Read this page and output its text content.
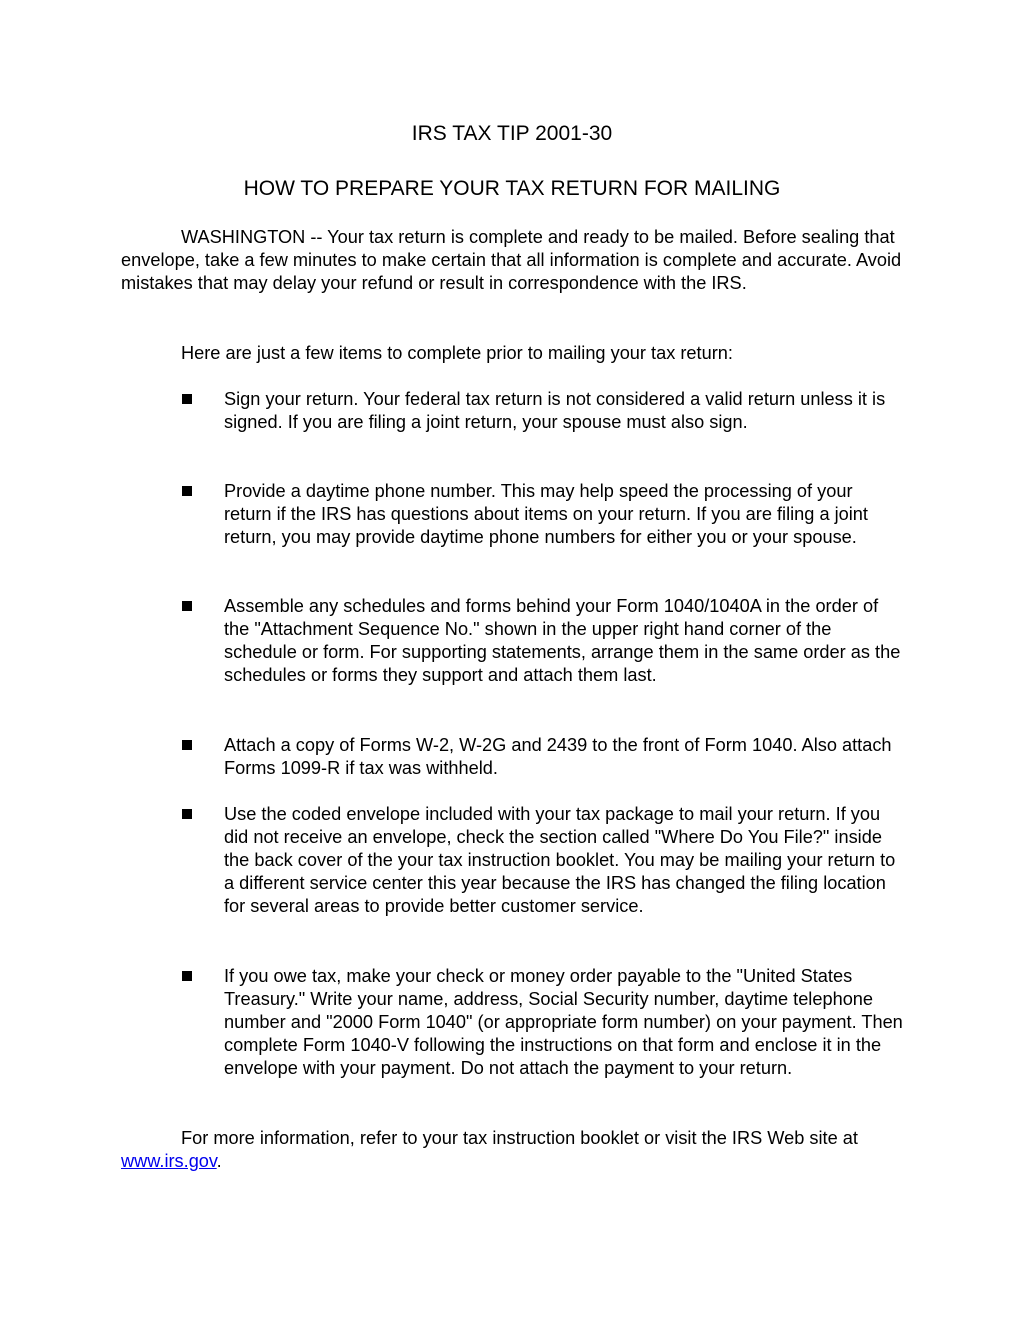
IRS TAX TIP 2001-30
HOW TO PREPARE YOUR TAX RETURN FOR MAILING

WASHINGTON -- Your tax return is complete and ready to be mailed. Before sealing that envelope, take a few minutes to make certain that all information is complete and accurate. Avoid mistakes that may delay your refund or result in correspondence with the IRS.

Here are just a few items to complete prior to mailing your tax return:

Sign your return. Your federal tax return is not considered a valid return unless it is signed. If you are filing a joint return, your spouse must also sign.
Provide a daytime phone number. This may help speed the processing of your return if the IRS has questions about items on your return. If you are filing a joint return, you may provide daytime phone numbers for either you or your spouse.
Assemble any schedules and forms behind your Form 1040/1040A in the order of the "Attachment Sequence No." shown in the upper right hand corner of the schedule or form. For supporting statements, arrange them in the same order as the schedules or forms they support and attach them last.
Attach a copy of Forms W-2, W-2G and 2439 to the front of Form 1040. Also attach Forms 1099-R if tax was withheld.
Use the coded envelope included with your tax package to mail your return. If you did not receive an envelope, check the section called "Where Do You File?" inside the back cover of the your tax instruction booklet. You may be mailing your return to a different service center this year because the IRS has changed the filing location for several areas to provide better customer service.
If you owe tax, make your check or money order payable to the "United States Treasury." Write your name, address, Social Security number, daytime telephone number and "2000 Form 1040" (or appropriate form number) on your payment. Then complete Form 1040-V following the instructions on that form and enclose it in the envelope with your payment. Do not attach the payment to your return.

For more information, refer to your tax instruction booklet or visit the IRS Web site at www.irs.gov.
